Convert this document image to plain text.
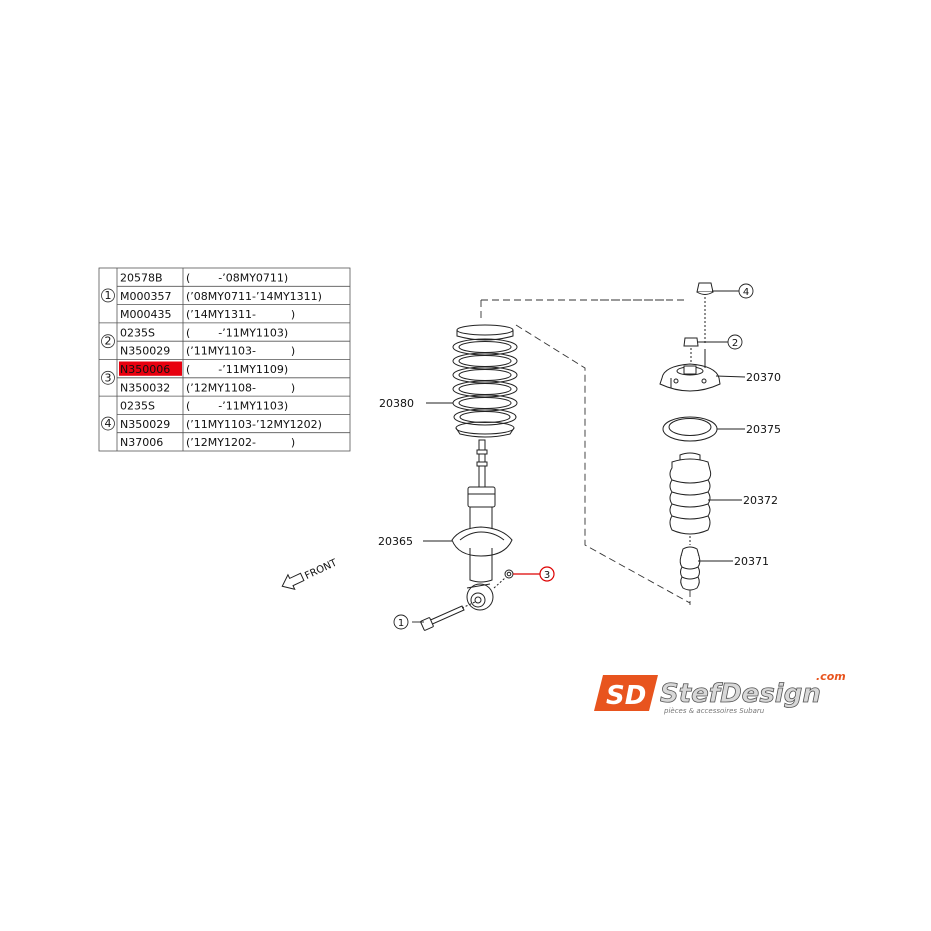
20578B (        -’08MY0711)
M000357 (’08MY0711-’14MY1311)
M000435 (’14MY1311-          )
1
0235S	(        -’11MY1103)
N350029 (’11MY1103-          )
2
N350006 (        -’11MY1109)
N350032 (’12MY1108-          )
3
0235S	(        -’11MY1103)
N350029 (’11MY1103-’12MY1202)
N37006 (’12MY1202-          )
4
20380
20365
20370
20375
20372
20371
1
3
2
4
FRONT
SD StefDesign
.com
pièces & accessoires Subaru
